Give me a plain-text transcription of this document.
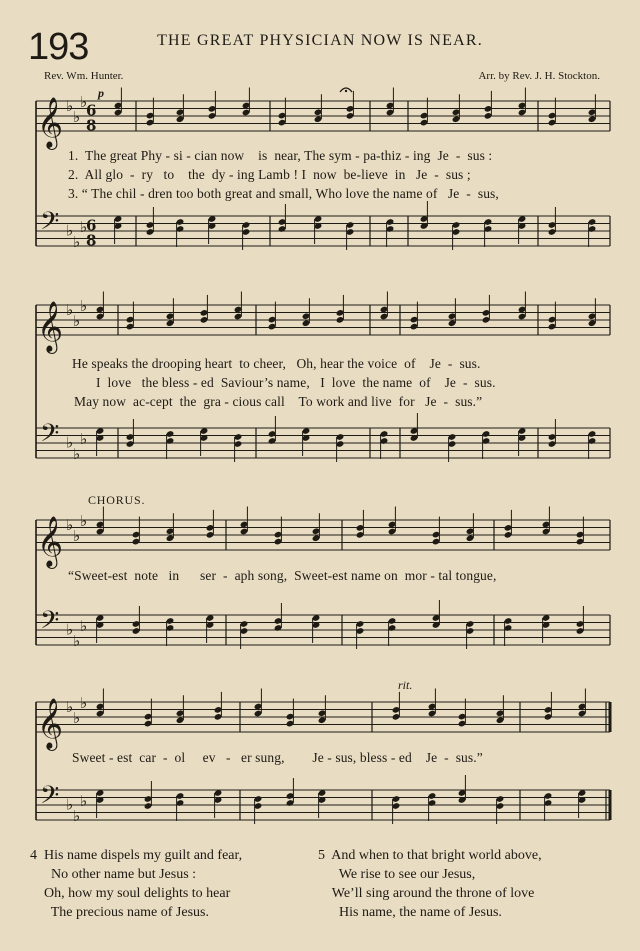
193	THE GREAT PHYSICIAN NOW IS NEAR.
Rev. Wm. Hunter.	Arr. by Rev. J. H. Stockton.
𝄞
𝄢
♭
♭
♭
♭
♭
♭
6
8
6
8
𝄞
𝄢
♭
♭
♭
♭
♭
♭
𝄞
𝄢
♭
♭
♭
♭
♭
♭
𝄞
𝄢
♭
♭
♭
♭
♭
♭
p
rit.
1.  The great Phy - si - cian now    is  near, The sym - pa-thiz - ing  Je  -  sus :
2.  All glo  -  ry   to    the  dy - ing Lamb ! I  now  be-lieve  in   Je  -  sus ;
3. “ The chil - dren too both great and small, Who love the name of   Je  -  sus,
He speaks the drooping heart  to cheer,   Oh, hear the voice  of    Je  -  sus.
I  love   the bless - ed  Saviour’s name,   I  love  the name  of    Je  -  sus.
May now  ac-cept  the  gra - cious call    To work and live  for   Je  -  sus.”
CHORUS.
“Sweet-est  note   in      ser  -  aph song,  Sweet-est name on  mor - tal tongue,
Sweet - est  car  -  ol     ev   -   er sung,        Je - sus, bless - ed    Je  -  sus.”
4  His name dispels my guilt and fear,
No other name but Jesus :
Oh, how my soul delights to hear
The precious name of Jesus.
5  And when to that bright world above,
We rise to see our Jesus,
We’ll sing around the throne of love
His name, the name of Jesus.
